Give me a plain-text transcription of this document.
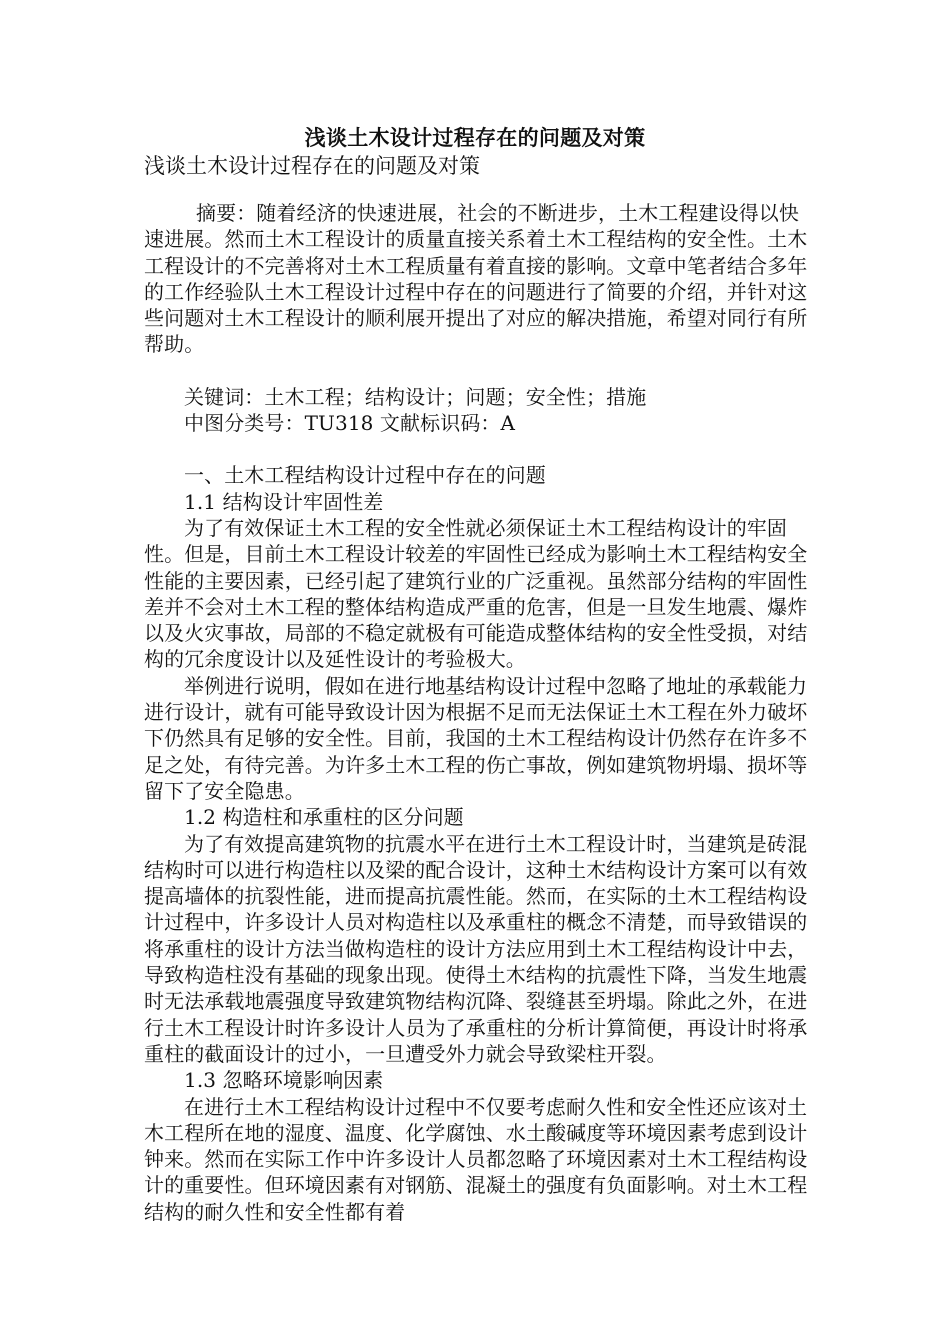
浅谈土木设计过程存在的问题及对策

浅谈土木设计过程存在的问题及对策

摘要：随着经济的快速进展，社会的不断进步，土木工程建设得以快速进展。然而土木工程设计的质量直接关系着土木工程结构的安全性。土木工程设计的不完善将对土木工程质量有着直接的影响。文章中笔者结合多年的工作经验队土木工程设计过程中存在的问题进行了简要的介绍，并针对这些问题对土木工程设计的顺利展开提出了对应的解决措施，希望对同行有所帮助。

关键词：土木工程；结构设计；问题；安全性；措施

中图分类号：TU318 文献标识码：A

一、土木工程结构设计过程中存在的问题

1.1 结构设计牢固性差

为了有效保证土木工程的安全性就必须保证土木工程结构设计的牢固性。但是，目前土木工程设计较差的牢固性已经成为影响土木工程结构安全性能的主要因素，已经引起了建筑行业的广泛重视。虽然部分结构的牢固性差并不会对土木工程的整体结构造成严重的危害，但是一旦发生地震、爆炸以及火灾事故，局部的不稳定就极有可能造成整体结构的安全性受损，对结构的冗余度设计以及延性设计的考验极大。

举例进行说明，假如在进行地基结构设计过程中忽略了地址的承载能力进行设计，就有可能导致设计因为根据不足而无法保证土木工程在外力破坏下仍然具有足够的安全性。目前，我国的土木工程结构设计仍然存在许多不足之处，有待完善。为许多土木工程的伤亡事故，例如建筑物坍塌、损坏等留下了安全隐患。

1.2 构造柱和承重柱的区分问题

为了有效提高建筑物的抗震水平在进行土木工程设计时，当建筑是砖混结构时可以进行构造柱以及梁的配合设计，这种土木结构设计方案可以有效提高墙体的抗裂性能，进而提高抗震性能。然而，在实际的土木工程结构设计过程中，许多设计人员对构造柱以及承重柱的概念不清楚，而导致错误的将承重柱的设计方法当做构造柱的设计方法应用到土木工程结构设计中去，导致构造柱没有基础的现象出现。使得土木结构的抗震性下降，当发生地震时无法承载地震强度导致建筑物结构沉降、裂缝甚至坍塌。除此之外，在进行土木工程设计时许多设计人员为了承重柱的分析计算简便，再设计时将承重柱的截面设计的过小，一旦遭受外力就会导致梁柱开裂。

1.3 忽略环境影响因素

在进行土木工程结构设计过程中不仅要考虑耐久性和安全性还应该对土木工程所在地的湿度、温度、化学腐蚀、水土酸碱度等环境因素考虑到设计钟来。然而在实际工作中许多设计人员都忽略了环境因素对土木工程结构设计的重要性。但环境因素有对钢筋、混凝土的强度有负面影响。对土木工程结构的耐久性和安全性都有着
